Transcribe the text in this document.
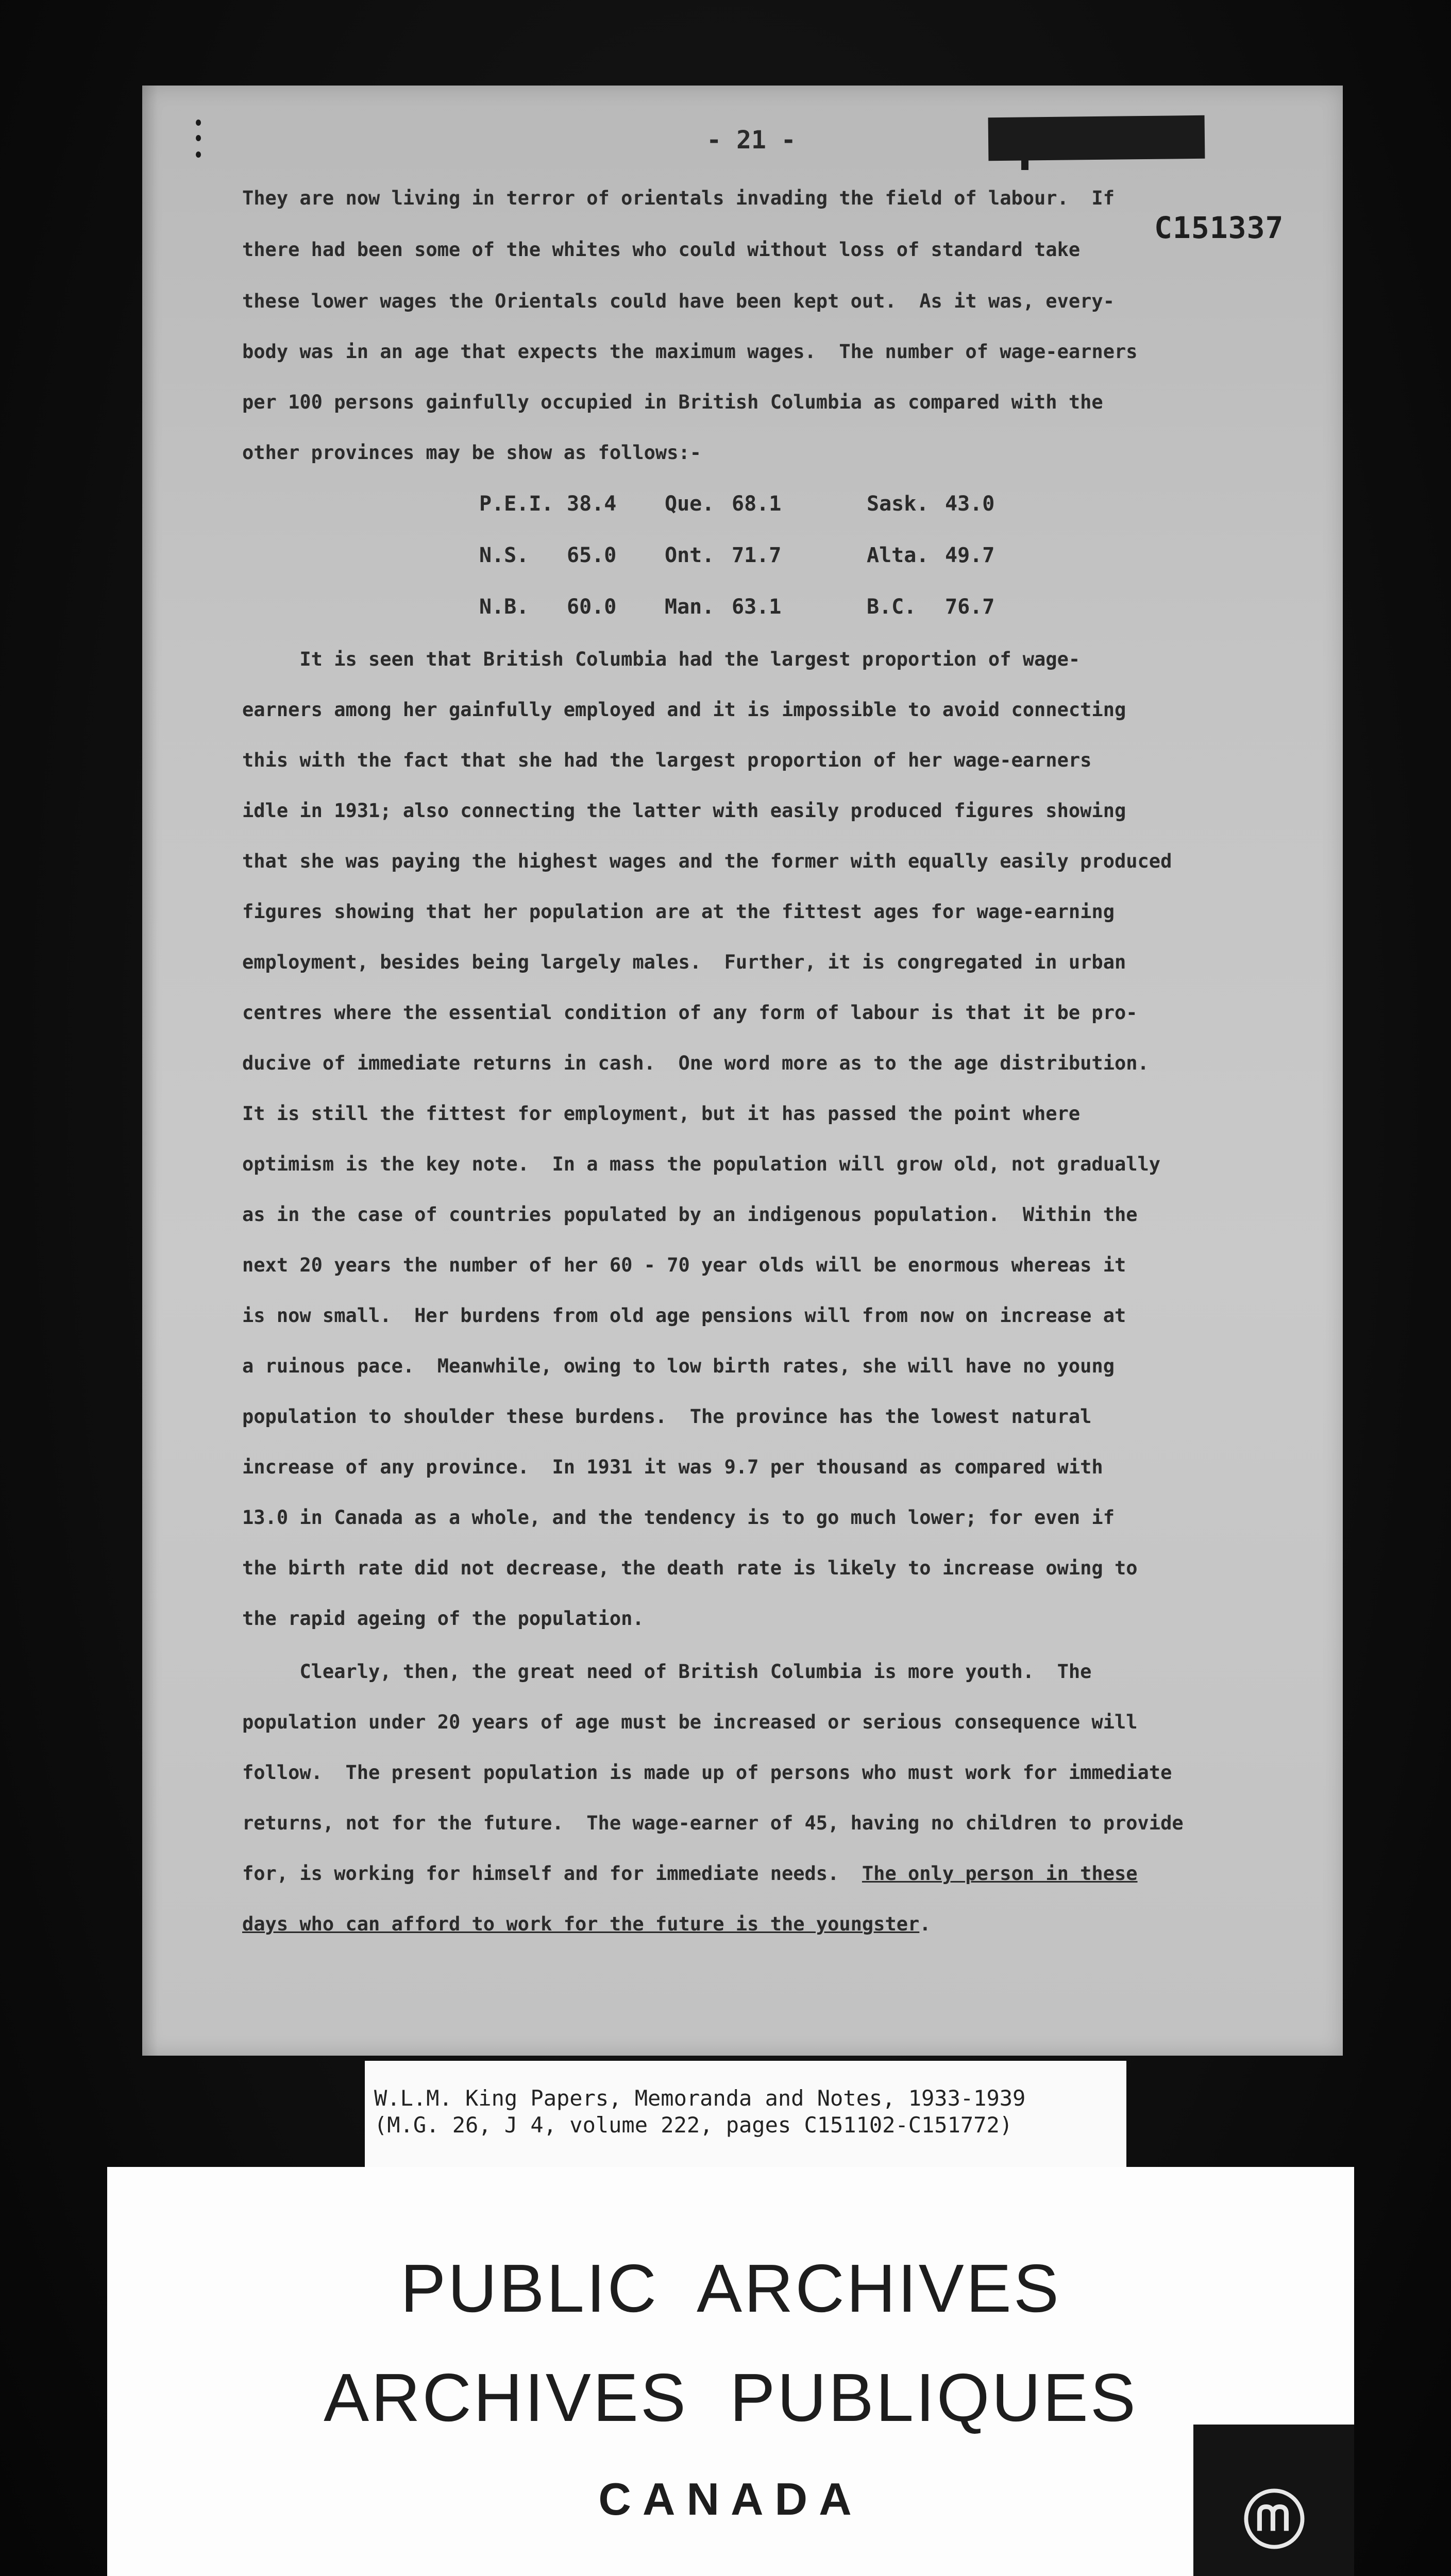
- 21 -
C151337
They are now living in terror of orientals invading the field of labour.  If
there had been some of the whites who could without loss of standard take
these lower wages the Orientals could have been kept out.  As it was, every-
body was in an age that expects the maximum wages.  The number of wage-earners
per 100 persons gainfully occupied in British Columbia as compared with the
other provinces may be show as follows:-
P.E.I. 38.4 Que. 68.1	Sask. 43.0
N.S. 65.0 Ont. 71.7	Alta. 49.7
N.B. 60.0 Man. 63.1	B.C. 76.7
It is seen that British Columbia had the largest proportion of wage-
earners among her gainfully employed and it is impossible to avoid connecting
this with the fact that she had the largest proportion of her wage-earners
idle in 1931; also connecting the latter with easily produced figures showing
that she was paying the highest wages and the former with equally easily produced
figures showing that her population are at the fittest ages for wage-earning
employment, besides being largely males.  Further, it is congregated in urban
centres where the essential condition of any form of labour is that it be pro-
ducive of immediate returns in cash.  One word more as to the age distribution.
It is still the fittest for employment, but it has passed the point where
optimism is the key note.  In a mass the population will grow old, not gradually
as in the case of countries populated by an indigenous population.  Within the
next 20 years the number of her 60 - 70 year olds will be enormous whereas it
is now small.  Her burdens from old age pensions will from now on increase at
a ruinous pace.  Meanwhile, owing to low birth rates, she will have no young
population to shoulder these burdens.  The province has the lowest natural
increase of any province.  In 1931 it was 9.7 per thousand as compared with
13.0 in Canada as a whole, and the tendency is to go much lower; for even if
the birth rate did not decrease, the death rate is likely to increase owing to
the rapid ageing of the population.
Clearly, then, the great need of British Columbia is more youth.  The
population under 20 years of age must be increased or serious consequence will
follow.  The present population is made up of persons who must work for immediate
returns, not for the future.  The wage-earner of 45, having no children to provide
for, is working for himself and for immediate needs.  The only person in these
days who can afford to work for the future is the youngster.
W.L.M. King Papers, Memoranda and Notes, 1933-1939
(M.G. 26, J 4, volume 222, pages C151102-C151772)
PUBLIC  ARCHIVES
ARCHIVES  PUBLIQUES
CANADA
